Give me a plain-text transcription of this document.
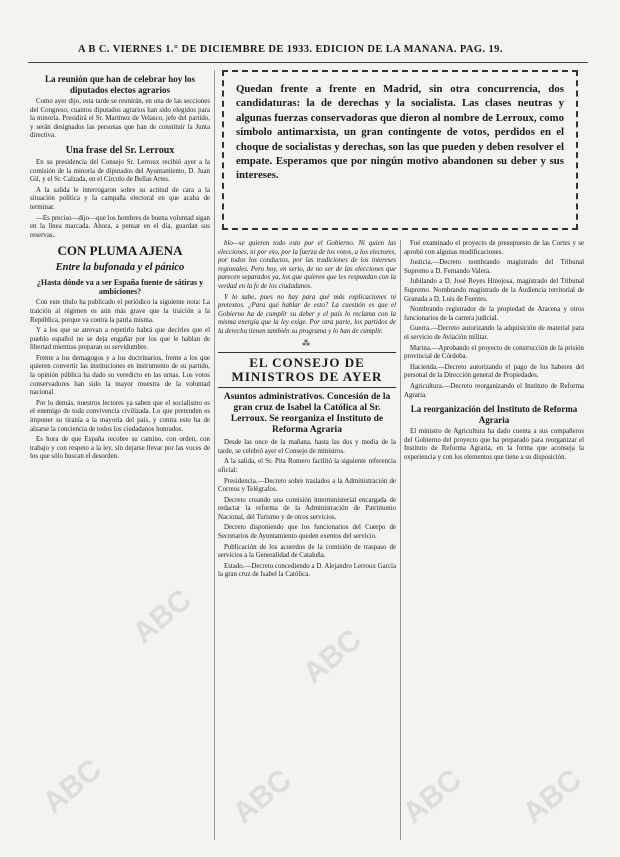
A B C. VIERNES 1.° DE DICIEMBRE DE 1933. EDICION DE LA MAÑANA. PAG. 19.
La reunión que han de celebrar hoy los diputados electos agrarios

Como ayer dijo, esta tarde se reunirán, en una de las secciones del Congreso, cuantos diputados agrarios han sido elegidos para la minoría. Presidirá el Sr. Martínez de Velasco, jefe del partido, y serán designados las personas que han de constituir la Junta directiva.

Una frase del Sr. Lerroux

En su presidencia del Consejo Sr. Lerroux recibió ayer a la comisión de la minoría de diputados del Ayuntamiento, D. Juan Gil, y el Sr. Calzada, en el Círculo de Bellas Artes.

A la salida le interrogaron sobre su actitud de cara a la situación política y la campaña electoral en que acaba de terminar.

—Es preciso—dijo—que los hombres de buena voluntad sigan en la línea marcada. Ahora, a pensar en el día, guardan sus reservas.

CON PLUMA AJENA
Entre la bufonada y el pánico
¿Hasta dónde va a ser España fuente de sátiras y ambiciones?

Con este título ha publicado el periódico la siguiente nota: La traición al régimen es aún más grave que la traición a la República, porque va contra la patria misma.

Y a los que se atrevan a repetirlo habrá que decirles que el pueblo español no se deja engañar por los que le hablan de libertad mientras preparan su servidumbre.

Frente a los demagogos y a los doctrinarios, frente a los que quieren convertir las instituciones en instrumento de su partido, la opinión pública ha dado su veredicto en las urnas. Los votos conservadores han sido la mayor muestra de la voluntad nacional.

Por lo demás, nuestros lectores ya saben que el socialismo es el enemigo de toda convivencia civilizada. Lo que pretenden es imponer su tiranía a la mayoría del país, y contra esto ha de alzarse la conciencia de todos los ciudadanos honrados.

Es hora de que España recobre su camino, con orden, con trabajo y con respeto a la ley, sin dejarse llevar por las voces de los que sólo buscan el desorden.

Quedan frente a frente en Madrid, sin otra concurrencia, dos candidaturas: la de derechas y la socialista. Las clases neutras y algunas fuerzas conservadoras que dieron al nombre de Lerroux, como símbolo antimarxista, un gran contingente de votos, perdidos en el choque de socialistas y derechas, son las que pueden y deben resolver el empate. Esperamos que por ningún motivo abandonen su deber y sus intereses.

blo—se quieren todo esto por el Gobierno. Ni quien las elecciones, ni por eso, por la fuerza de los votos, a los electores, por todos los conductos, por las tradiciones de los intereses regionales. Pero hoy, en serio, de no ser de las elecciones que parecen separados ya, los que quieren que les respondan con la verdad en la fe de los ciudadanos.

Y lo sabe, pues no hay para qué más explicaciones ni pretextos. ¿Para qué hablar de esto? La cuestión es que el Gobierno ha de cumplir su deber y el país lo reclama con la misma energía que la ley exige. Por otra parte, los partidos de la derecha tienen también su programa y lo han de cumplir.

⁂
EL CONSEJO DE MINISTROS DE AYER
Asuntos administrativos. Concesión de la gran cruz de Isabel la Católica al Sr. Lerroux. Se reorganiza el Instituto de Reforma Agraria

Desde las once de la mañana, hasta las dos y media de la tarde, se celebró ayer el Consejo de ministros.

A la salida, el Sr. Pita Romero facilitó la siguiente referencia oficial:

Presidencia.—Decreto sobre traslados a la Administración de Correos y Telégrafos.

Decreto creando una comisión interministerial encargada de redactar la reforma de la Administración de Patrimonio Nacional, del Turismo y de otros servicios.

Decreto disponiendo que los funcionarios del Cuerpo de Secretarios de Ayuntamiento queden exentos del servicio.

Publicación de los acuerdos de la comisión de traspaso de servicios a la Generalidad de Cataluña.

Estado.—Decreto concediendo a D. Alejandro Lerroux García la gran cruz de Isabel la Católica.

Fué examinado el proyecto de presupuesto de las Cortes y se aprobó con algunas modificaciones.

Justicia.—Decreto nombrando magistrado del Tribunal Supremo a D. Fernando Valera.

Jubilando a D. José Reyes Hinojosa, magistrado del Tribunal Supremo. Nombrando magistrado de la Audiencia territorial de Granada a D. Luis de Fuentes.

Nombrando registrador de la propiedad de Aracena y otros funcionarios de la carrera judicial.

Guerra.—Decreto autorizando la adquisición de material para el servicio de Aviación militar.

Marina.—Aprobando el proyecto de construcción de la prisión provincial de Córdoba.

Hacienda.—Decreto autorizando el pago de los haberes del personal de la Dirección general de Propiedades.

Agricultura.—Decreto reorganizando el Instituto de Reforma Agraria.

La reorganización del Instituto de Reforma Agraria

El ministro de Agricultura ha dado cuenta a sus compañeros del Gobierno del proyecto que ha preparado para reorganizar el Instituto de Reforma Agraria, en la forma que aconseja la experiencia y con los elementos que tiene a su disposición.

ABC
ABC
ABC	ABC ABC
ABC
